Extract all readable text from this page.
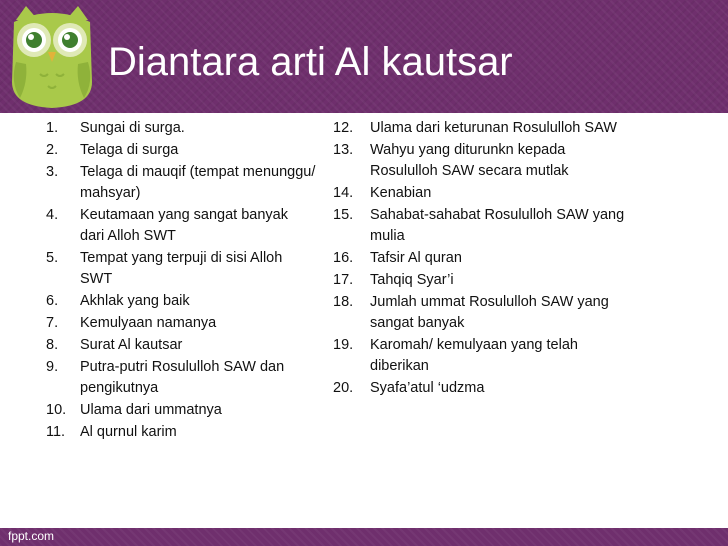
Diantara arti Al kautsar
1.	Sungai di surga.
2.	Telaga di surga
3.	Telaga di mauqif (tempat menunggu/ mahsyar)
4.	Keutamaan yang sangat banyak dari Alloh SWT
5.	Tempat yang terpuji di sisi Alloh SWT
6.	Akhlak yang baik
7.	Kemulyaan namanya
8.	Surat Al kautsar
9.	Putra-putri Rosululloh SAW dan pengikutnya
10. Ulama dari ummatnya
11.	Al qurnul karim
12.	Ulama dari keturunan Rosululloh SAW
13.	Wahyu yang diturunkn kepada Rosululloh SAW secara mutlak
14.	Kenabian
15.	Sahabat-sahabat Rosululloh SAW yang mulia
16.	Tafsir Al quran
17.	Tahqiq Syar’i
18.	Jumlah ummat Rosululloh SAW yang sangat banyak
19.	Karomah/ kemulyaan yang telah diberikan
20.	Syafa’atul ‘udzma
fppt.com
